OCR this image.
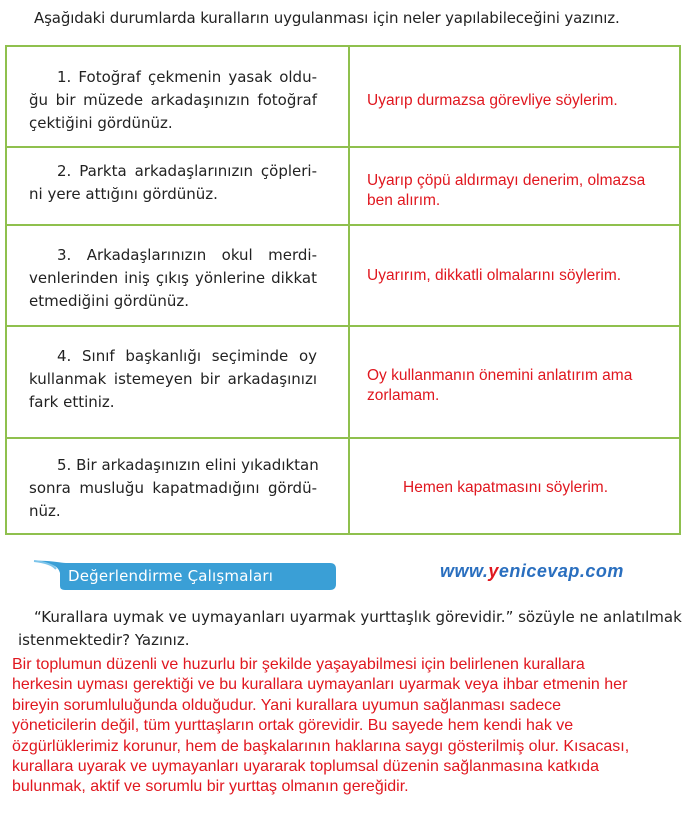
Aşağıdaki durumlarda kuralların uygulanması için neler yapılabileceğini yazınız.
1. Fotoğraf çekmenin yasak oldu-
ğu bir müzede arkadaşınızın fotoğraf
çektiğini gördünüz.
Uyarıp durmazsa görevliye söylerim.
2. Parkta arkadaşlarınızın çöpleri-
ni yere attığını gördünüz.
Uyarıp çöpü aldırmayı denerim, olmazsa
ben alırım.
3. Arkadaşlarınızın okul merdi-
venlerinden iniş çıkış yönlerine dikkat
etmediğini gördünüz.
Uyarırım, dikkatli olmalarını söylerim.
4. Sınıf başkanlığı seçiminde oy
kullanmak istemeyen bir arkadaşınızı
fark ettiniz.
Oy kullanmanın önemini anlatırım ama
zorlamam.
5. Bir arkadaşınızın elini yıkadıktan
sonra musluğu kapatmadığını gördü-
nüz.
Hemen kapatmasını söylerim.
Değerlendirme Çalışmaları	www.yenicevap.com
“Kurallara uymak ve uymayanları uyarmak yurttaşlık görevidir.” sözüyle ne anlatılmak
istenmektedir? Yazınız.
Bir toplumun düzenli ve huzurlu bir şekilde yaşayabilmesi için belirlenen kurallara
herkesin uyması gerektiği ve bu kurallara uymayanları uyarmak veya ihbar etmenin her
bireyin sorumluluğunda olduğudur. Yani kurallara uyumun sağlanması sadece
yöneticilerin değil, tüm yurttaşların ortak görevidir. Bu sayede hem kendi hak ve
özgürlüklerimiz korunur, hem de başkalarının haklarına saygı gösterilmiş olur. Kısacası,
kurallara uyarak ve uymayanları uyararak toplumsal düzenin sağlanmasına katkıda
bulunmak, aktif ve sorumlu bir yurttaş olmanın gereğidir.
